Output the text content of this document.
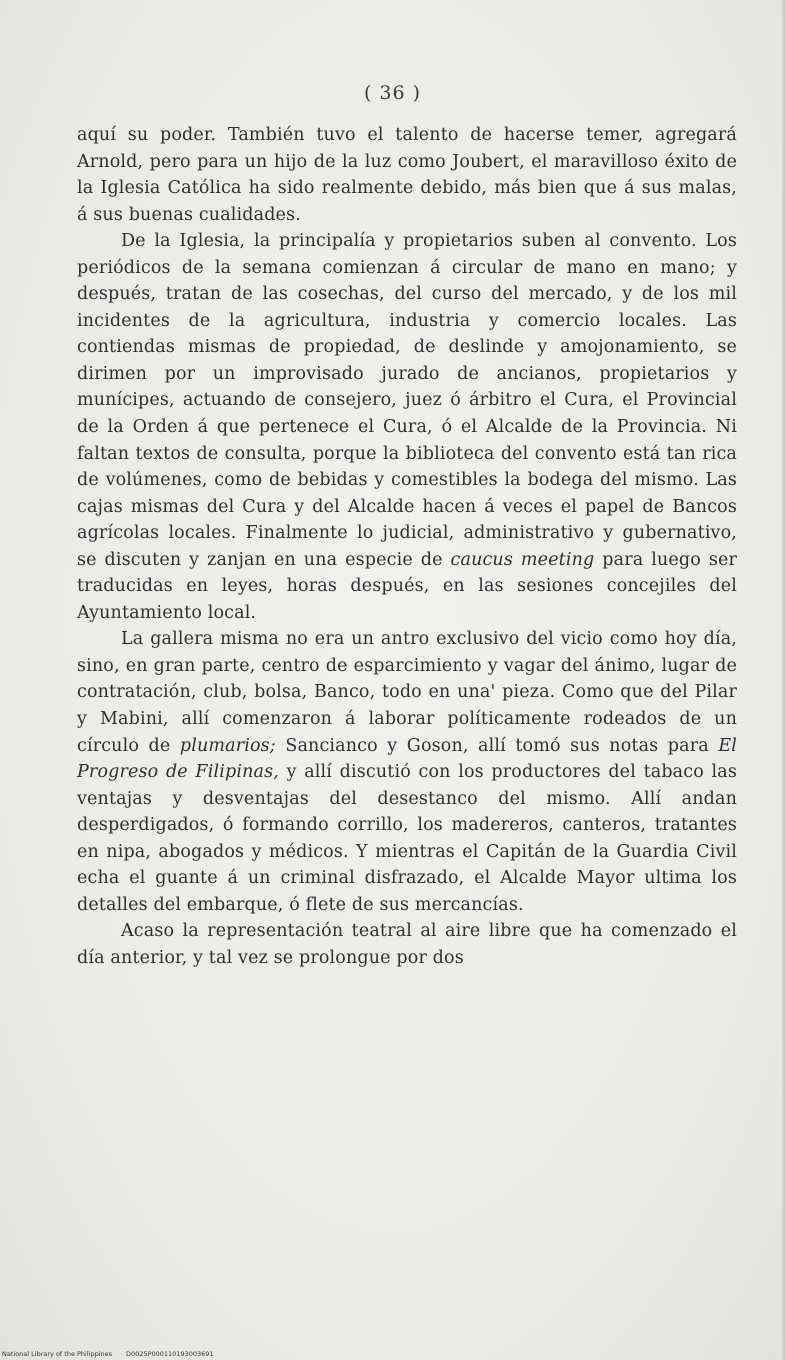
( 36 )

aquí su poder. También tuvo el talento de hacerse temer, agregará Arnold, pero para un hijo de la luz como Joubert, el maravilloso éxito de la Iglesia Católica ha sido realmente debido, más bien que á sus malas, á sus buenas cualidades.

De la Iglesia, la principalía y propietarios suben al convento. Los periódicos de la semana comienzan á circular de mano en mano; y después, tratan de las cosechas, del curso del mercado, y de los mil incidentes de la agricultura, industria y comercio locales. Las contiendas mismas de propiedad, de deslinde y amojonamiento, se dirimen por un improvisado jurado de ancianos, propietarios y munícipes, actuando de consejero, juez ó árbitro el Cura, el Provincial de la Orden á que pertenece el Cura, ó el Alcalde de la Provincia. Ni faltan textos de consulta, porque la biblioteca del convento está tan rica de volúmenes, como de bebidas y comestibles la bodega del mismo. Las cajas mismas del Cura y del Alcalde hacen á veces el papel de Bancos agrícolas locales. Finalmente lo judicial, administrativo y gubernativo, se discuten y zanjan en una especie de caucus meeting para luego ser traducidas en leyes, horas después, en las sesiones concejiles del Ayuntamiento local.

La gallera misma no era un antro exclusivo del vicio como hoy día, sino, en gran parte, centro de esparcimiento y vagar del ánimo, lugar de contratación, club, bolsa, Banco, todo en una' pieza. Como que del Pilar y Mabini, allí comenzaron á laborar políticamente rodeados de un círculo de plumarios; Sancianco y Goson, allí tomó sus notas para El Progreso de Filipinas, y allí discutió con los productores del tabaco las ventajas y desventajas del desestanco del mismo. Allí andan desperdigados, ó formando corrillo, los madereros, canteros, tratantes en nipa, abogados y médicos. Y mientras el Capitán de la Guardia Civil echa el guante á un criminal disfrazado, el Alcalde Mayor ultima los detalles del embarque, ó flete de sus mercancías.

Acaso la representación teatral al aire libre que ha comenzado el día anterior, y tal vez se prolongue por dos

National Library of the Philippines D0025P000110193003691
